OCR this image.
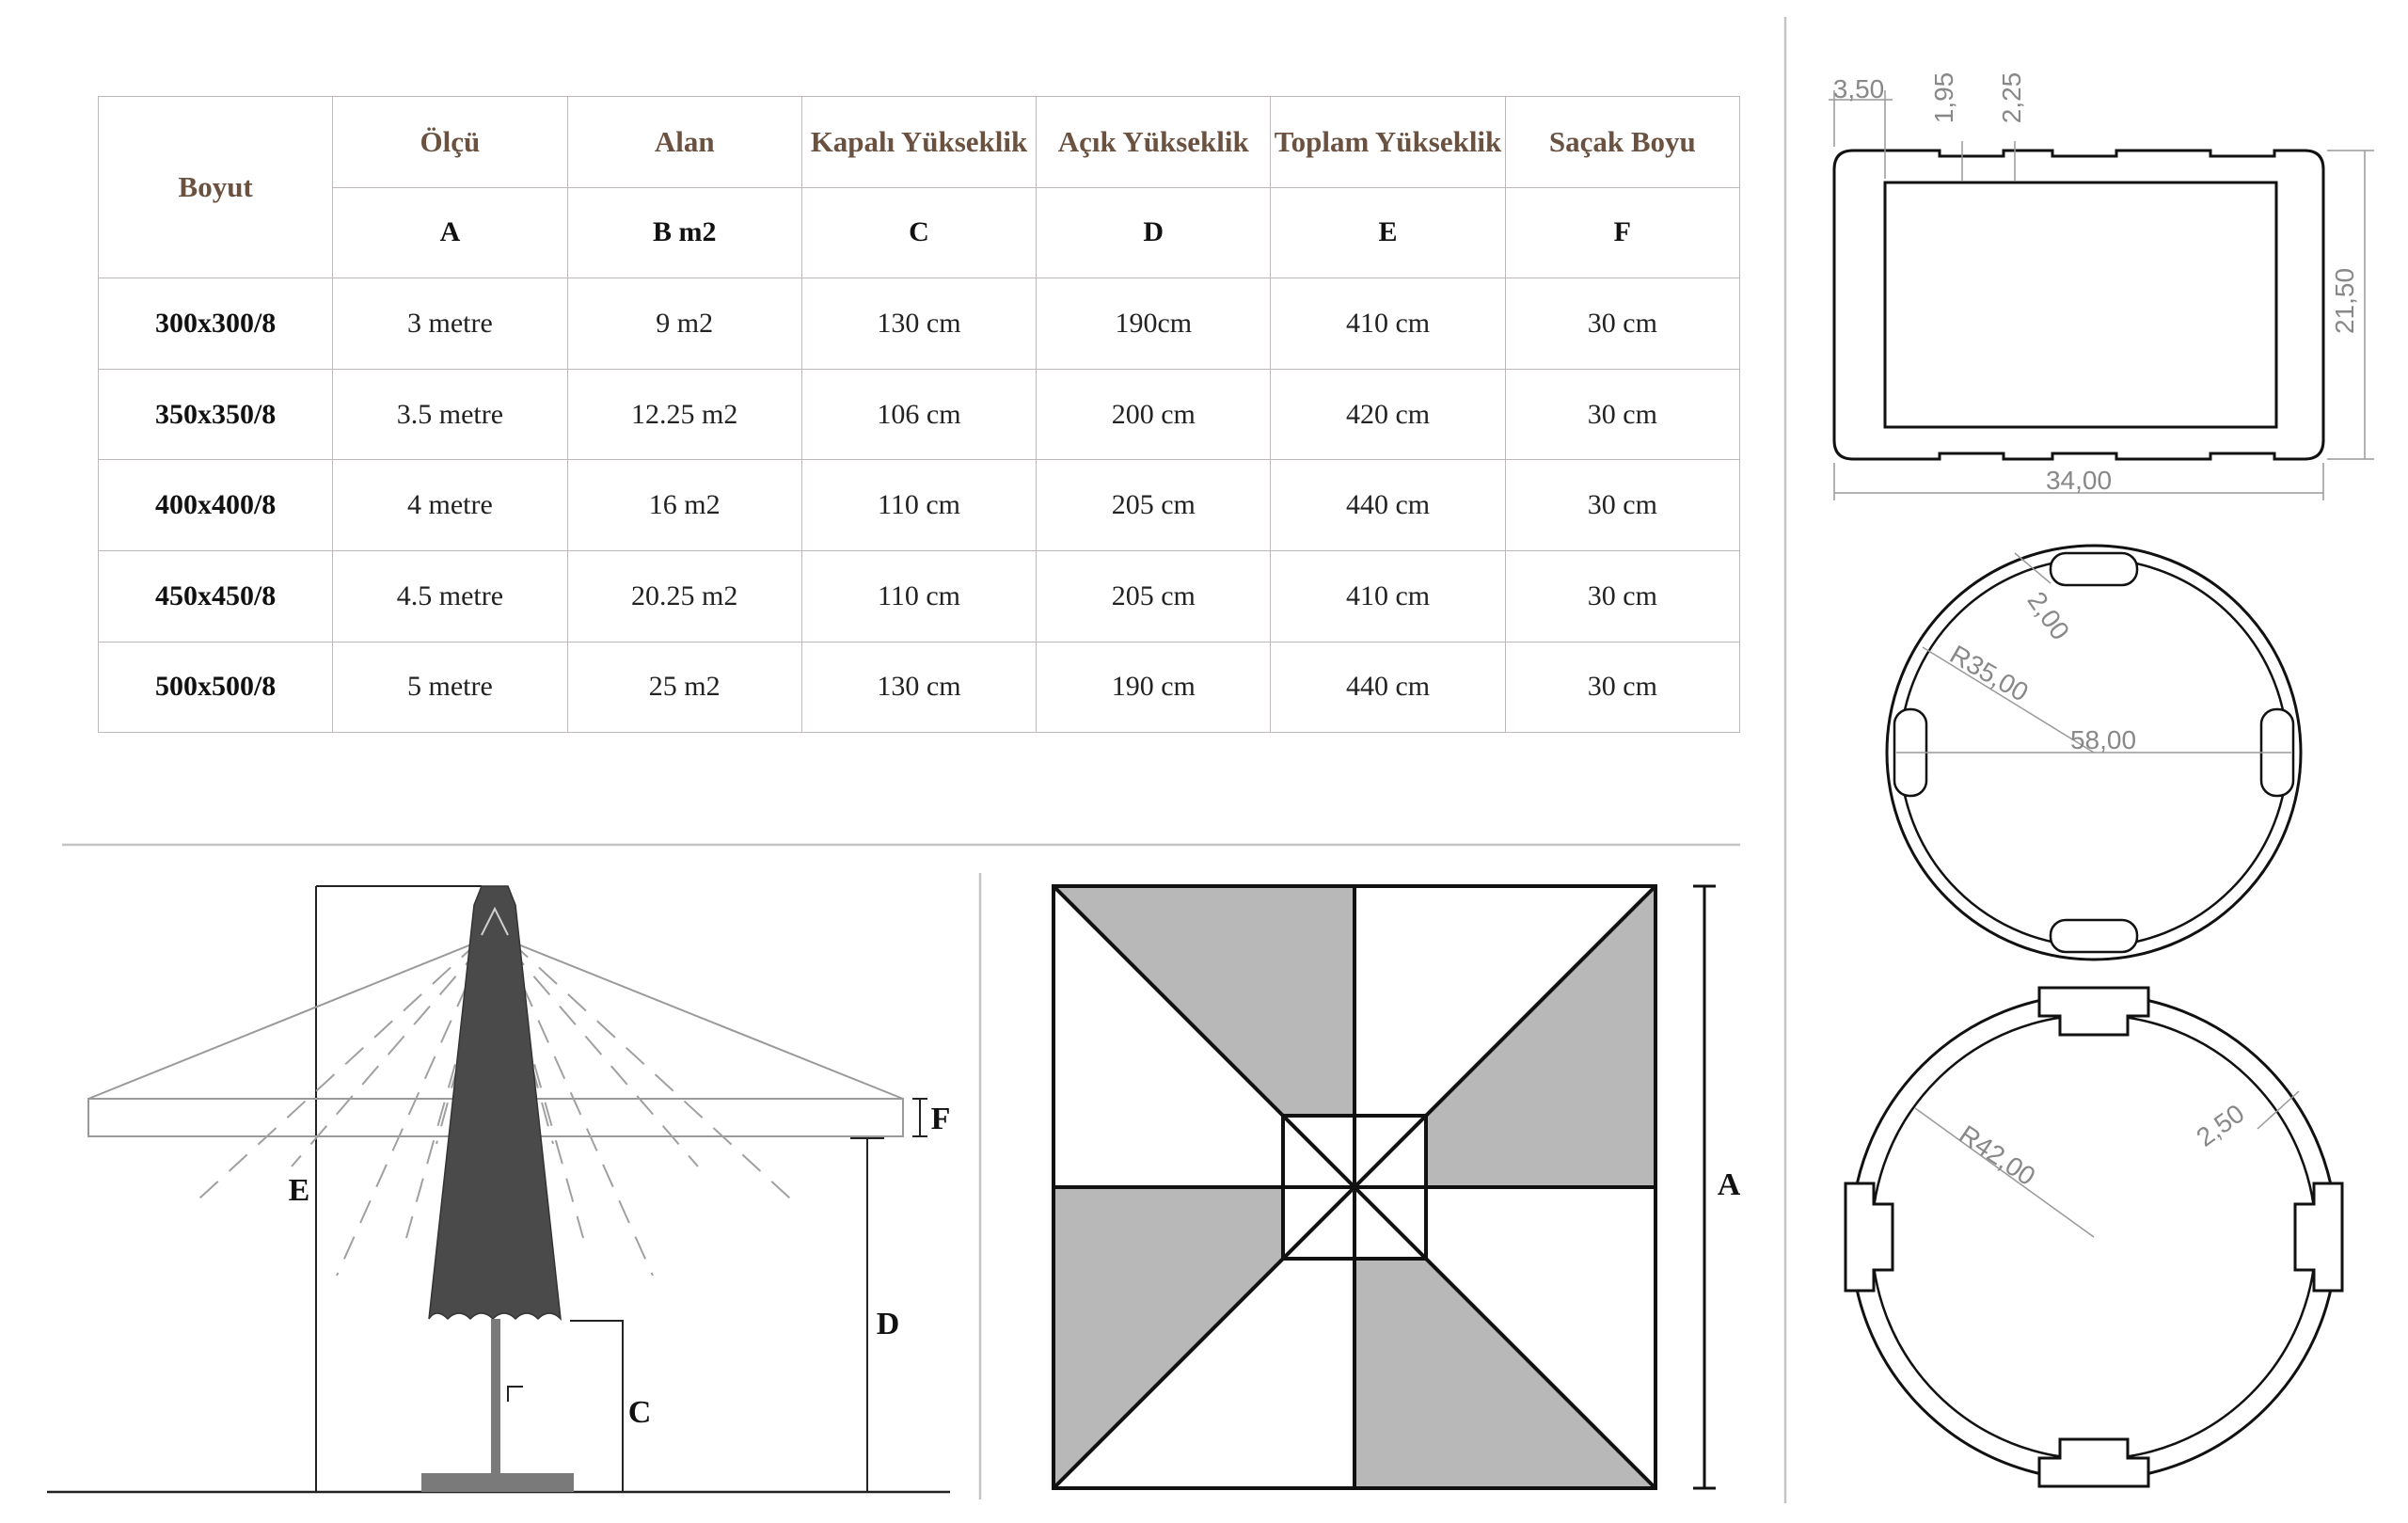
Boyut	Ölçü	Alan	Kapalı Yükseklik	Açık Yükseklik	Toplam Yükseklik	Saçak Boyu
	A	B m2	C	D	E	F
300x300/8	3 metre	9 m2	130 cm	190cm	410 cm	30 cm
350x350/8	3.5 metre	12.25 m2	106 cm	200 cm	420 cm	30 cm
400x400/8	4 metre	16 m2	110 cm	205 cm	440 cm	30 cm
450x450/8	4.5 metre	20.25 m2	110 cm	205 cm	410 cm	30 cm
500x500/8	5 metre	25 m2	130 cm	190 cm	440 cm	30 cm
E
F
D
C
A
3,50 1,95 2,25
21,50
34,00
58,00
R35,00
2,00
R42,00	2,50
